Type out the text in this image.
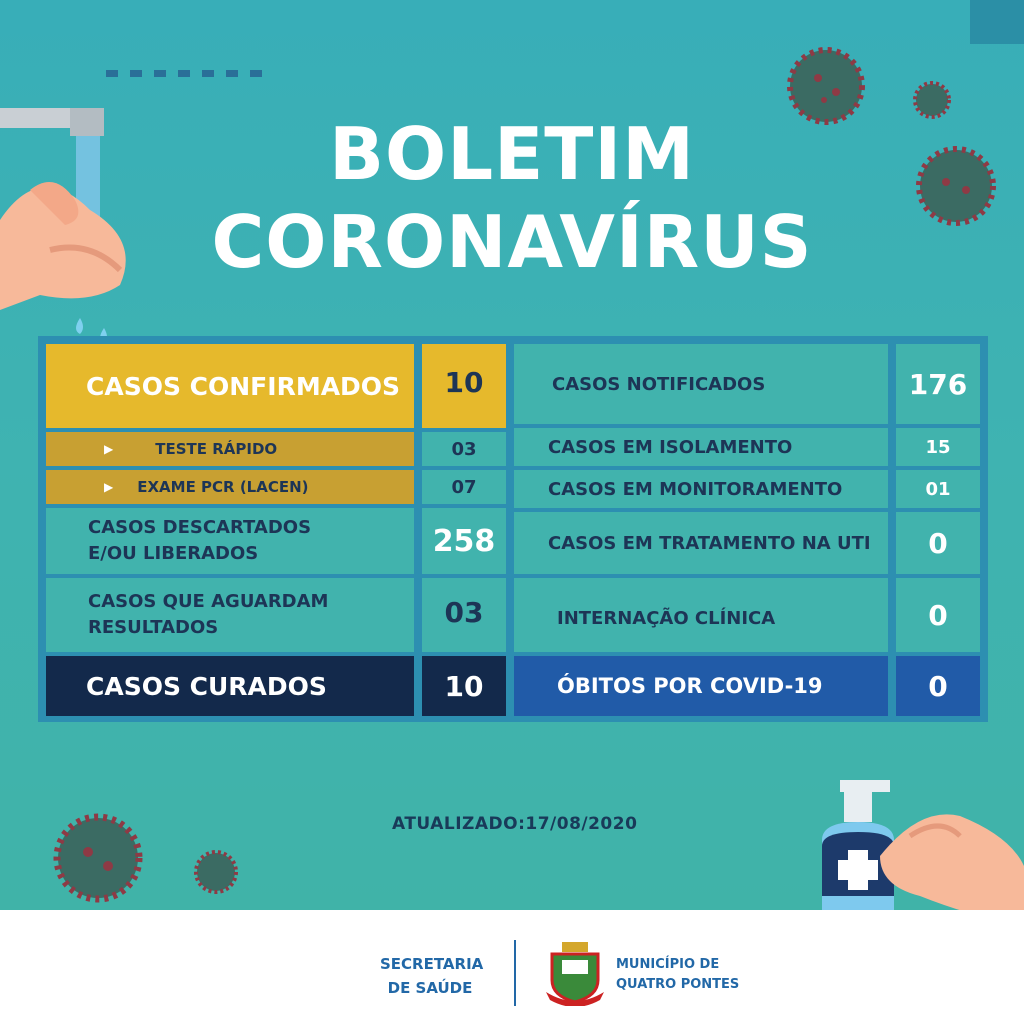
BOLETIM
CORONAVÍRUS
CASOS CONFIRMADOS 10
▶	TESTE RÁPIDO	03
▶ EXAME PCR (LACEN)	07
CASOS DESCARTADOS
E/OU LIBERADOS	258
CASOS QUE AGUARDAM
RESULTADOS	03
CASOS CURADOS	10
CASOS NOTIFICADOS	176
CASOS EM ISOLAMENTO	15
CASOS EM MONITORAMENTO	01
CASOS EM TRATAMENTO NA UTI 0
INTERNAÇÃO CLÍNICA	0
ÓBITOS POR COVID-19	0
ATUALIZADO:17/08/2020
SECRETARIA
DE SAÚDE
MUNICÍPIO DE
QUATRO PONTES
